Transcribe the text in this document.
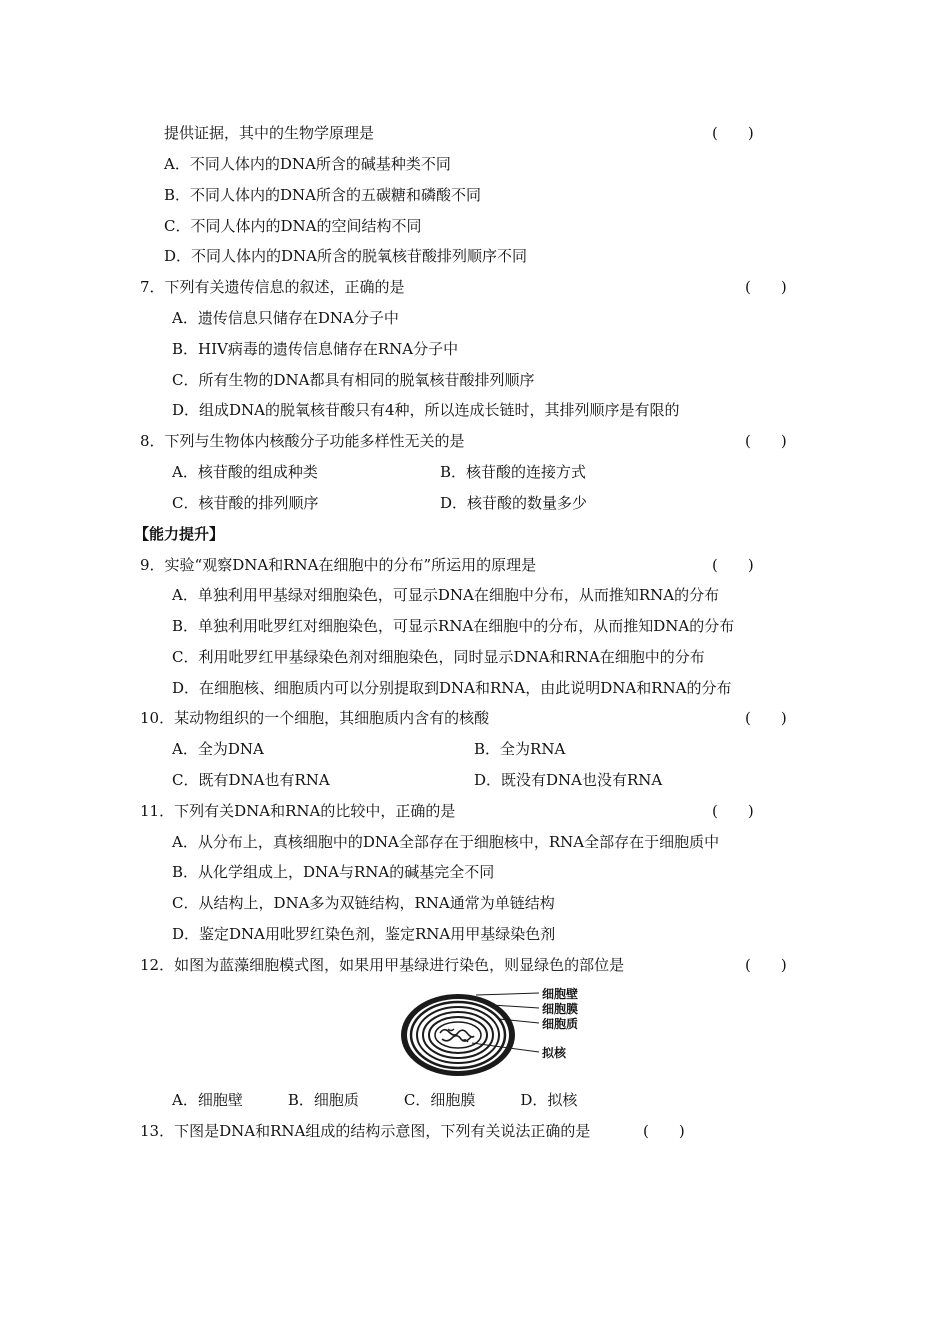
提供证据，其中的生物学原理是	(　　)
A．不同人体内的DNA所含的碱基种类不同
B．不同人体内的DNA所含的五碳糖和磷酸不同
C．不同人体内的DNA的空间结构不同
D．不同人体内的DNA所含的脱氧核苷酸排列顺序不同
7．下列有关遗传信息的叙述，正确的是	(　　)
A．遗传信息只储存在DNA分子中
B．HIV病毒的遗传信息储存在RNA分子中
C．所有生物的DNA都具有相同的脱氧核苷酸排列顺序
D．组成DNA的脱氧核苷酸只有4种，所以连成长链时，其排列顺序是有限的
8．下列与生物体内核酸分子功能多样性无关的是	(　　)
A．核苷酸的组成种类	B．核苷酸的连接方式
C．核苷酸的排列顺序	D．核苷酸的数量多少
【能力提升】
9．实验“观察DNA和RNA在细胞中的分布”所运用的原理是	(　　)
A．单独利用甲基绿对细胞染色，可显示DNA在细胞中分布，从而推知RNA的分布
B．单独利用吡罗红对细胞染色，可显示RNA在细胞中的分布，从而推知DNA的分布
C．利用吡罗红甲基绿染色剂对细胞染色，同时显示DNA和RNA在细胞中的分布
D．在细胞核、细胞质内可以分别提取到DNA和RNA，由此说明DNA和RNA的分布
10．某动物组织的一个细胞，其细胞质内含有的核酸	(　　)
A．全为DNA	B．全为RNA
C．既有DNA也有RNA	D．既没有DNA也没有RNA
11．下列有关DNA和RNA的比较中，正确的是	(　　)
A．从分布上，真核细胞中的DNA全部存在于细胞核中，RNA全部存在于细胞质中
B．从化学组成上，DNA与RNA的碱基完全不同
C．从结构上，DNA多为双链结构，RNA通常为单链结构
D．鉴定DNA用吡罗红染色剂，鉴定RNA用甲基绿染色剂
12．如图为蓝藻细胞模式图，如果用甲基绿进行染色，则显绿色的部位是	(　　)
细胞壁
细胞膜
细胞质
拟核
A．细胞壁　　　B．细胞质　　　C．细胞膜　　　D．拟核
13．下图是DNA和RNA组成的结构示意图，下列有关说法正确的是	(　　)
